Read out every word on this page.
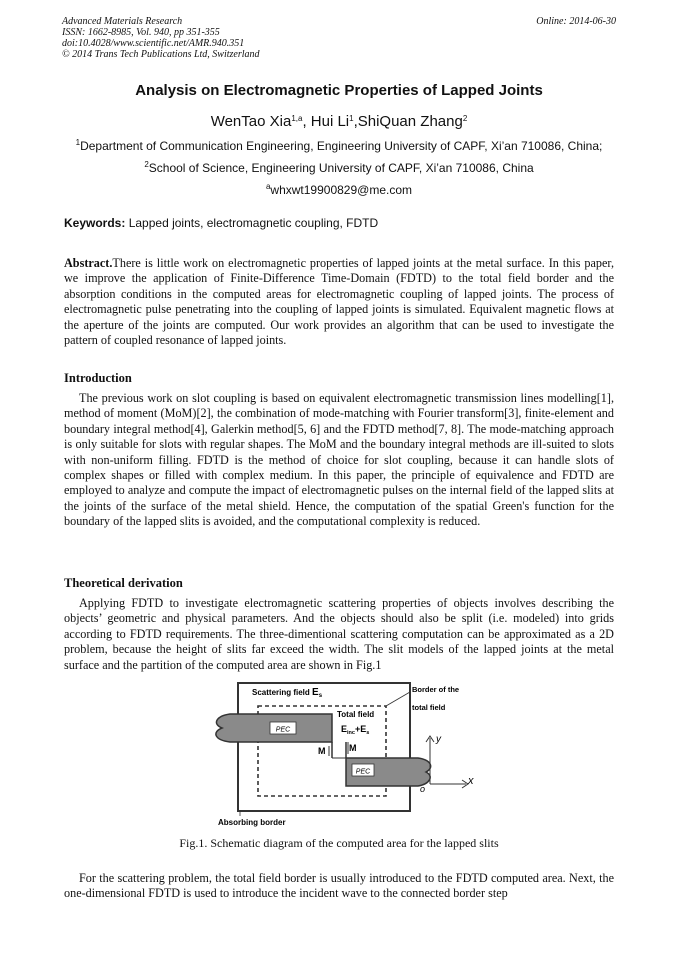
Advanced Materials Research
ISSN: 1662-8985, Vol. 940, pp 351-355
doi:10.4028/www.scientific.net/AMR.940.351
© 2014 Trans Tech Publications Ltd, Switzerland
Online: 2014-06-30
Analysis on Electromagnetic Properties of Lapped Joints
WenTao Xia$^{1,a}$, Hui Li$^1$,ShiQuan Zhang$^2$
$^1$Department of Communication Engineering, Engineering University of CAPF, Xi’an 710086, China;
$^2$School of Science, Engineering University of CAPF, Xi’an 710086, China
$^a$whxwt19900829@me.com
Keywords: Lapped joints, electromagnetic coupling, FDTD

Abstract.There is little work on electromagnetic properties of lapped joints at the metal surface. In this paper, we improve the application of Finite-Difference Time-Domain (FDTD) to the total field border and the absorption conditions in the computed areas for electromagnetic coupling of lapped joints. The process of electromagnetic pulse penetrating into the coupling of lapped joints is simulated. Equivalent magnetic flows at the aperture of the joints are computed. Our work provides an algorithm that can be used to investigate the pattern of coupled resonance of lapped joints.

Introduction

The previous work on slot coupling is based on equivalent electromagnetic transmission lines modelling[1], method of moment (MoM)[2], the combination of mode-matching with Fourier transform[3], finite-element and boundary integral method[4], Galerkin method[5, 6] and the FDTD method[7, 8]. The mode-matching approach is only suitable for slots with regular shapes. The MoM and the boundary integral methods are ill-suited to slots with non-uniform filling. FDTD is the method of choice for slot coupling, because it can handle slots of complex shapes or filled with complex medium. In this paper, the principle of equivalence and FDTD are employed to analyze and compute the impact of electromagnetic pulses on the internal field of the lapped slits at the joints of the surface of the metal shield. Hence, the computation of the spatial Green's function for the boundary of the lapped slits is avoided, and the computational complexity is reduced.

Theoretical derivation

Applying FDTD to investigate electromagnetic scattering properties of objects involves describing the objects’ geometric and physical parameters. And the objects should also be split (i.e. modeled) into grids according to FDTD requirements. The three-dimentional scattering computation can be approximated as a 2D problem, because the height of slits far exceed the width. The slit models of the lapped joints at the metal surface and the partition of the computed area are shown in Fig.1

PEC
PEC
Scattering field $E_s$
Border of the
total field
Total field
$E_{inc}+E_s$
M	M
y
x
o
Absorbing border
Fig.1. Schematic diagram of the computed area for the lapped slits

For the scattering problem, the total field border is usually introduced to the FDTD computed area. Next, the one-dimensional FDTD is used to introduce the incident wave to the connected border step
